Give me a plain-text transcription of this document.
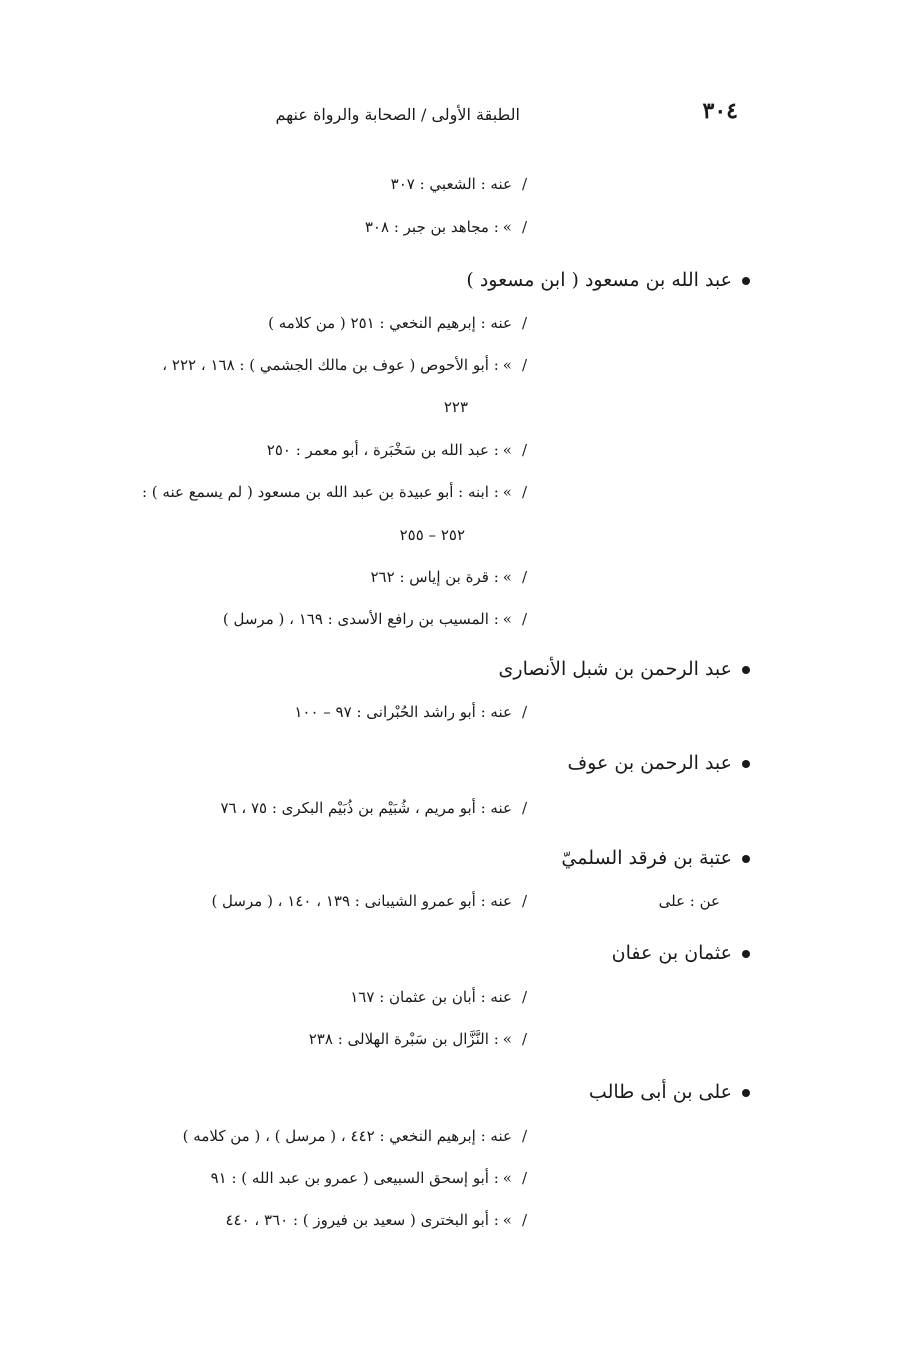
٣٠٤
الطبقة الأولى / الصحابة والرواة عنهم
/عنه : الشعبي : ٣٠٧
/»: مجاهد بن جبر : ٣٠٨
عبد الله بن مسعود ( ابن مسعود )
/عنه : إبرهيم النخعي : ٢٥١ ( من كلامه )
/»: أبو الأحوص ( عوف بن مالك الجشمي ) : ١٦٨ ، ٢٢٢ ،
٢٢٣
/»: عبد الله بن سَخْبَرة ، أبو معمر : ٢٥٠
/»: ابنه : أبو عبيدة بن عبد الله بن مسعود ( لم يسمع عنه ) :
٢٥٢ – ٢٥٥
/»: قرة بن إياس : ٢٦٢
/»: المسيب بن رافع الأسدى : ١٦٩ ، ( مرسل )
عبد الرحمن بن شبل الأنصارى
/عنه : أبو راشد الحُبْرانى : ٩٧ – ١٠٠
عبد الرحمن بن عوف
/عنه : أبو مريم ، شُبَيْم بن ذُبَيْم البكرى : ٧٥ ، ٧٦
عتبة بن فرقد السلميّ
عن : على
/عنه : أبو عمرو الشيبانى : ١٣٩ ، ١٤٠ ، ( مرسل )
عثمان بن عفان
/عنه : أبان بن عثمان : ١٦٧
/»: النَّزَّال بن سَبْرة الهلالى : ٢٣٨
على بن أبى طالب
/عنه : إبرهيم النخعي : ٤٤٢ ، ( مرسل ) ، ( من كلامه )
/»: أبو إسحق السبيعى ( عمرو بن عبد الله ) : ٩١
/»: أبو البخترى ( سعيد بن فيروز ) : ٣٦٠ ، ٤٤٠
